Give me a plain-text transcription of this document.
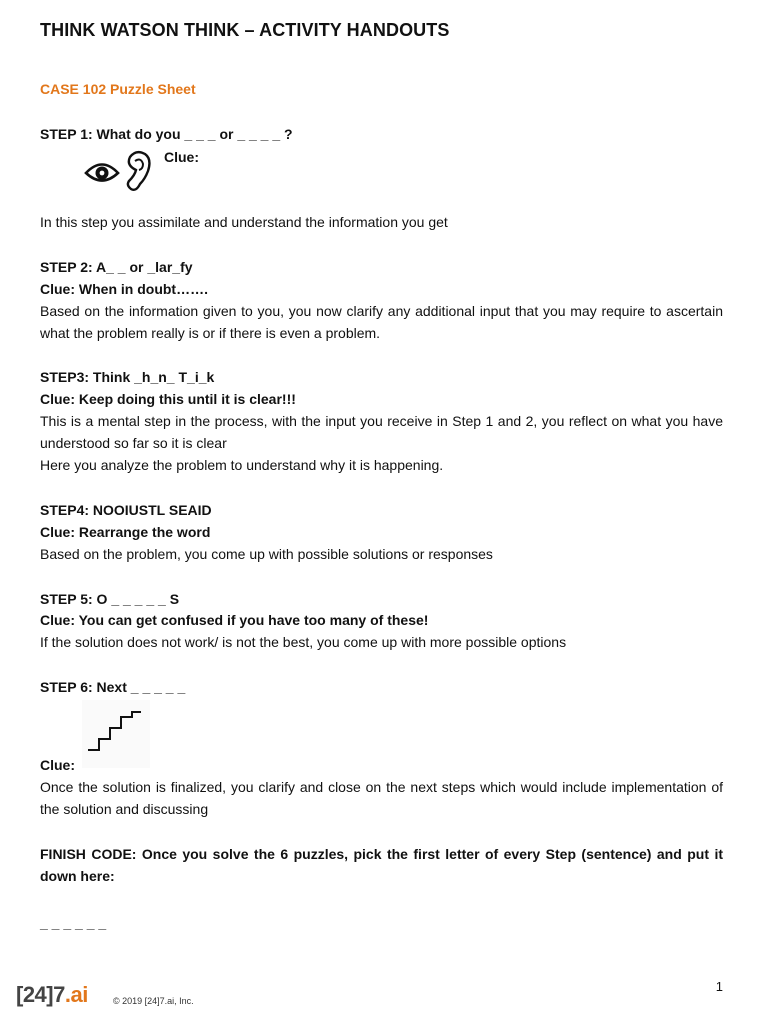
THINK WATSON THINK – ACTIVITY HANDOUTS
CASE 102 Puzzle Sheet

STEP 1: What do you _ _ _ or _ _ _ _ ?

Clue:

In this step you assimilate and understand the information you get

STEP 2: A_ _ or _lar_fy

Clue: When in doubt…….

Based on the information given to you, you now clarify any additional input that you may require to ascertain what the problem really is or if there is even a problem.

STEP3: Think _h_n_ T_i_k

Clue: Keep doing this until it is clear!!!

This is a mental step in the process, with the input you receive in Step 1 and 2, you reflect on what you have understood so far so it is clear

Here you analyze the problem to understand why it is happening.

STEP4: NOOIUSTL SEAID

Clue: Rearrange the word

Based on the problem, you come up with possible solutions or responses

STEP 5: O _ _ _ _ _ S

Clue: You can get confused if you have too many of these!

If the solution does not work/ is not the best, you come up with more possible options

STEP 6: Next _ _ _ _ _

Clue:

Once the solution is finalized, you clarify and close on the next steps which would include implementation of the solution and discussing

FINISH CODE: Once you solve the 6 puzzles, pick the first letter of every Step (sentence) and put it down here:

_ _ _ _ _ _

[24]7.ai	© 2019 [24]7.ai, Inc.
1
